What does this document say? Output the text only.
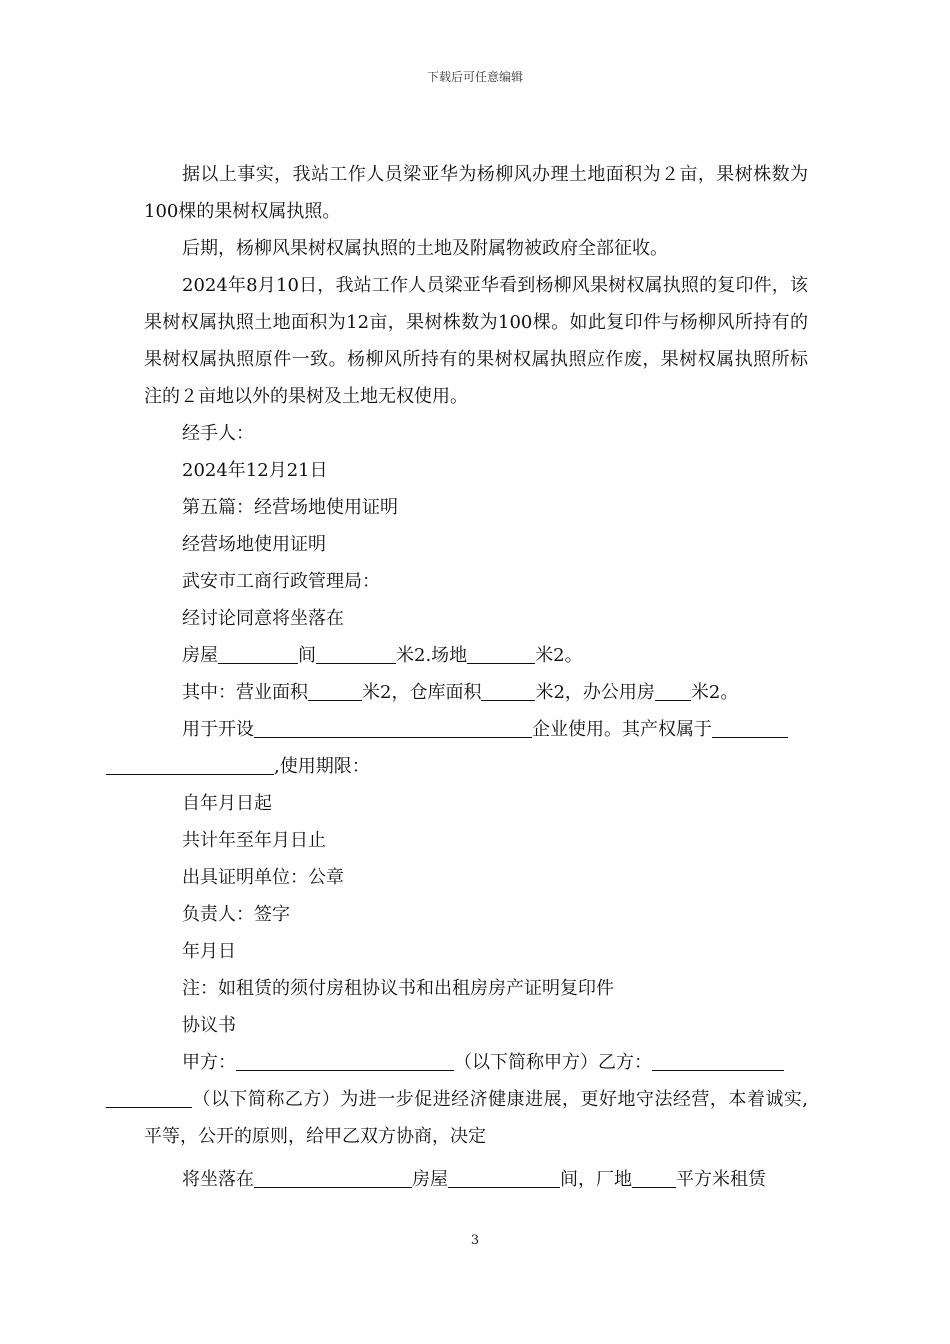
下载后可任意编辑

据以上事实，我站工作人员梁亚华为杨柳风办理土地面积为２亩，果树株数为100棵的果树权属执照。

后期，杨柳风果树权属执照的土地及附属物被政府全部征收。

2024年8月10日，我站工作人员梁亚华看到杨柳风果树权属执照的复印件，该果树权属执照土地面积为12亩，果树株数为100棵。如此复印件与杨柳风所持有的果树权属执照原件一致。杨柳风所持有的果树权属执照应作废，果树权属执照所标注的２亩地以外的果树及土地无权使用。

经手人：

2024年12月21日

第五篇：经营场地使用证明

经营场地使用证明

武安市工商行政管理局：

经讨论同意将坐落在

房屋	间	米2.场地	米2。

其中：营业面积	米2，仓库面积	米2，办公用房 米2。

用于开设	企业使用。其产权属于
,使用期限：

自年月日起

共计年至年月日止

出具证明单位：公章

负责人：签字

年月日

注：如租赁的须付房租协议书和出租房房产证明复印件

协议书

甲方：	（以下简称甲方）乙方：
（以下简称乙方）为进一步促进经济健康进展，更好地守法经营，本着诚实,平等，公开的原则，给甲乙双方协商，决定

将坐落在	房屋	间，厂地 平方米租赁

3
